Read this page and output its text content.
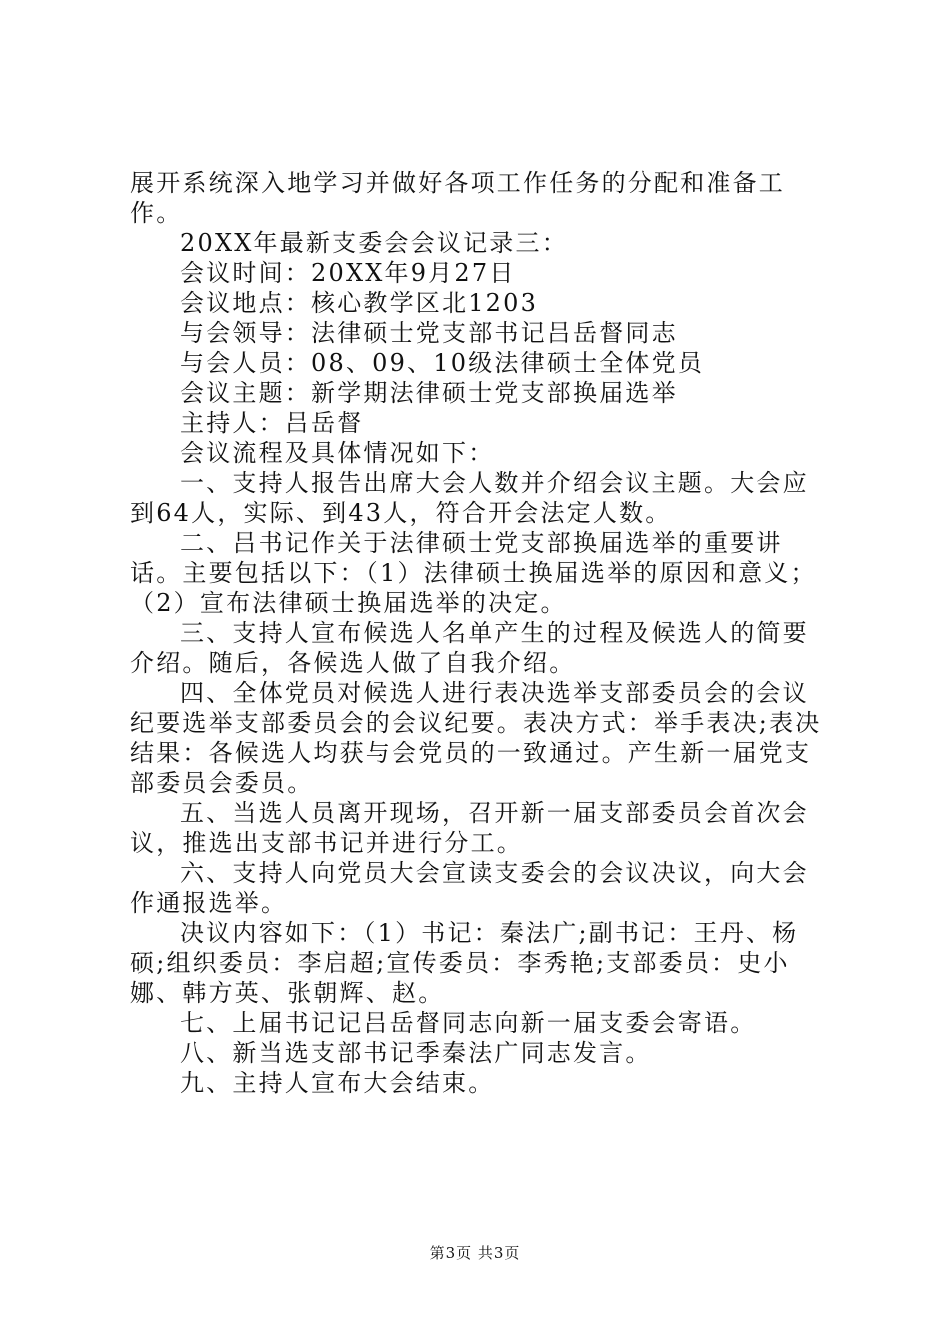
展开系统深入地学习并做好各项工作任务的分配和准备工作。

20XX年最新支委会会议记录三：

会议时间：20XX年9月27日

会议地点：核心教学区北1203

与会领导：法律硕士党支部书记吕岳督同志

与会人员：08、09、10级法律硕士全体党员

会议主题：新学期法律硕士党支部换届选举

主持人：吕岳督

会议流程及具体情况如下：

一、支持人报告出席大会人数并介绍会议主题。大会应到64人，实际、到43人，符合开会法定人数。

二、吕书记作关于法律硕士党支部换届选举的重要讲话。主要包括以下：（1）法律硕士换届选举的原因和意义；（2）宣布法律硕士换届选举的决定。

三、支持人宣布候选人名单产生的过程及候选人的简要介绍。随后，各候选人做了自我介绍。

四、全体党员对候选人进行表决选举支部委员会的会议纪要选举支部委员会的会议纪要。表决方式：举手表决;表决结果：各候选人均获与会党员的一致通过。产生新一届党支部委员会委员。

五、当选人员离开现场，召开新一届支部委员会首次会议，推选出支部书记并进行分工。

六、支持人向党员大会宣读支委会的会议决议，向大会作通报选举。

决议内容如下：（1）书记：秦法广;副书记：王丹、杨硕;组织委员：李启超;宣传委员：李秀艳;支部委员：史小娜、韩方英、张朝辉、赵。

七、上届书记记吕岳督同志向新一届支委会寄语。

八、新当选支部书记季秦法广同志发言。

九、主持人宣布大会结束。

第3页 共3页
